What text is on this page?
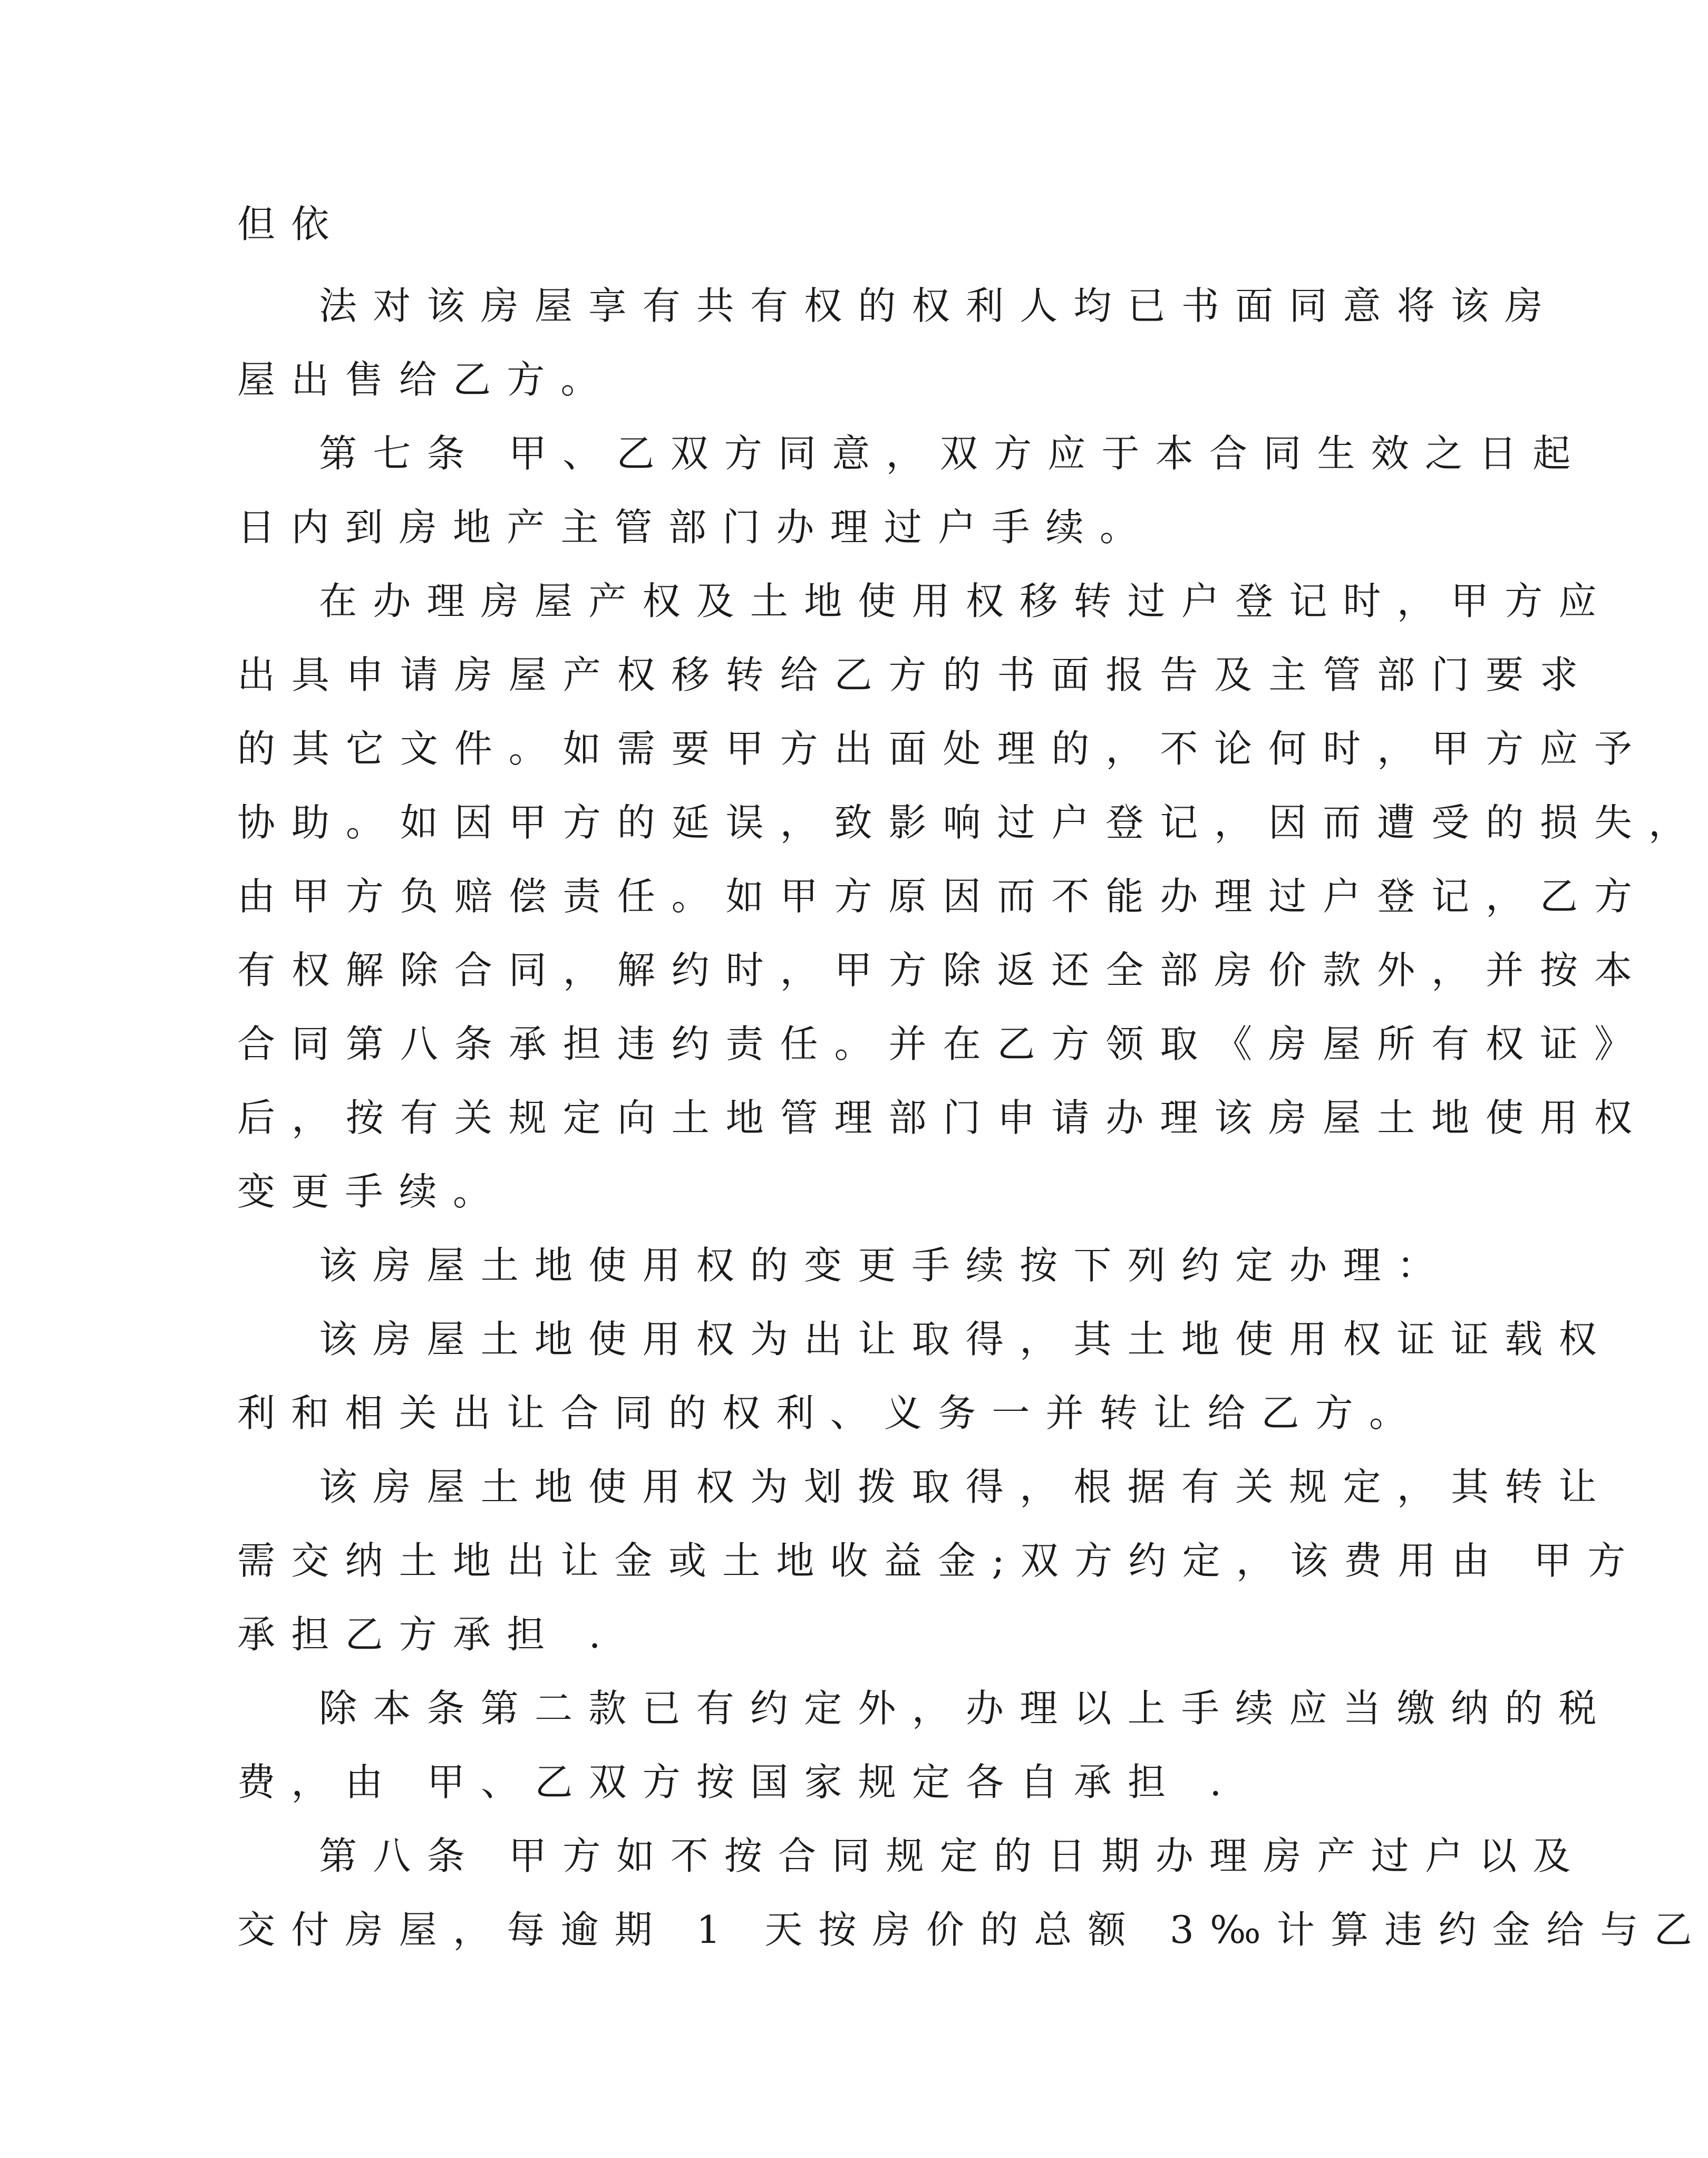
但依
法对该房屋享有共有权的权利人均已书面同意将该房
屋出售给乙方。
第七条 甲、乙双方同意，双方应于本合同生效之日起
日内到房地产主管部门办理过户手续。
在办理房屋产权及土地使用权移转过户登记时，甲方应
出具申请房屋产权移转给乙方的书面报告及主管部门要求
的其它文件。如需要甲方出面处理的，不论何时，甲方应予
协助。如因甲方的延误，致影响过户登记，因而遭受的损失，
由甲方负赔偿责任。如甲方原因而不能办理过户登记，乙方
有权解除合同，解约时，甲方除返还全部房价款外，并按本
合同第八条承担违约责任。并在乙方领取《房屋所有权证》
后，按有关规定向土地管理部门申请办理该房屋土地使用权
变更手续。
该房屋土地使用权的变更手续按下列约定办理：
该房屋土地使用权为出让取得，其土地使用权证证载权
利和相关出让合同的权利、义务一并转让给乙方。
该房屋土地使用权为划拨取得，根据有关规定，其转让
需交纳土地出让金或土地收益金;双方约定，该费用由 甲方
承担乙方承担 .
除本条第二款已有约定外，办理以上手续应当缴纳的税
费，由 甲、乙双方按国家规定各自承担 .
第八条 甲方如不按合同规定的日期办理房产过户以及
交付房屋，每逾期 1 天按房价的总额 3‰计算违约金给与乙
